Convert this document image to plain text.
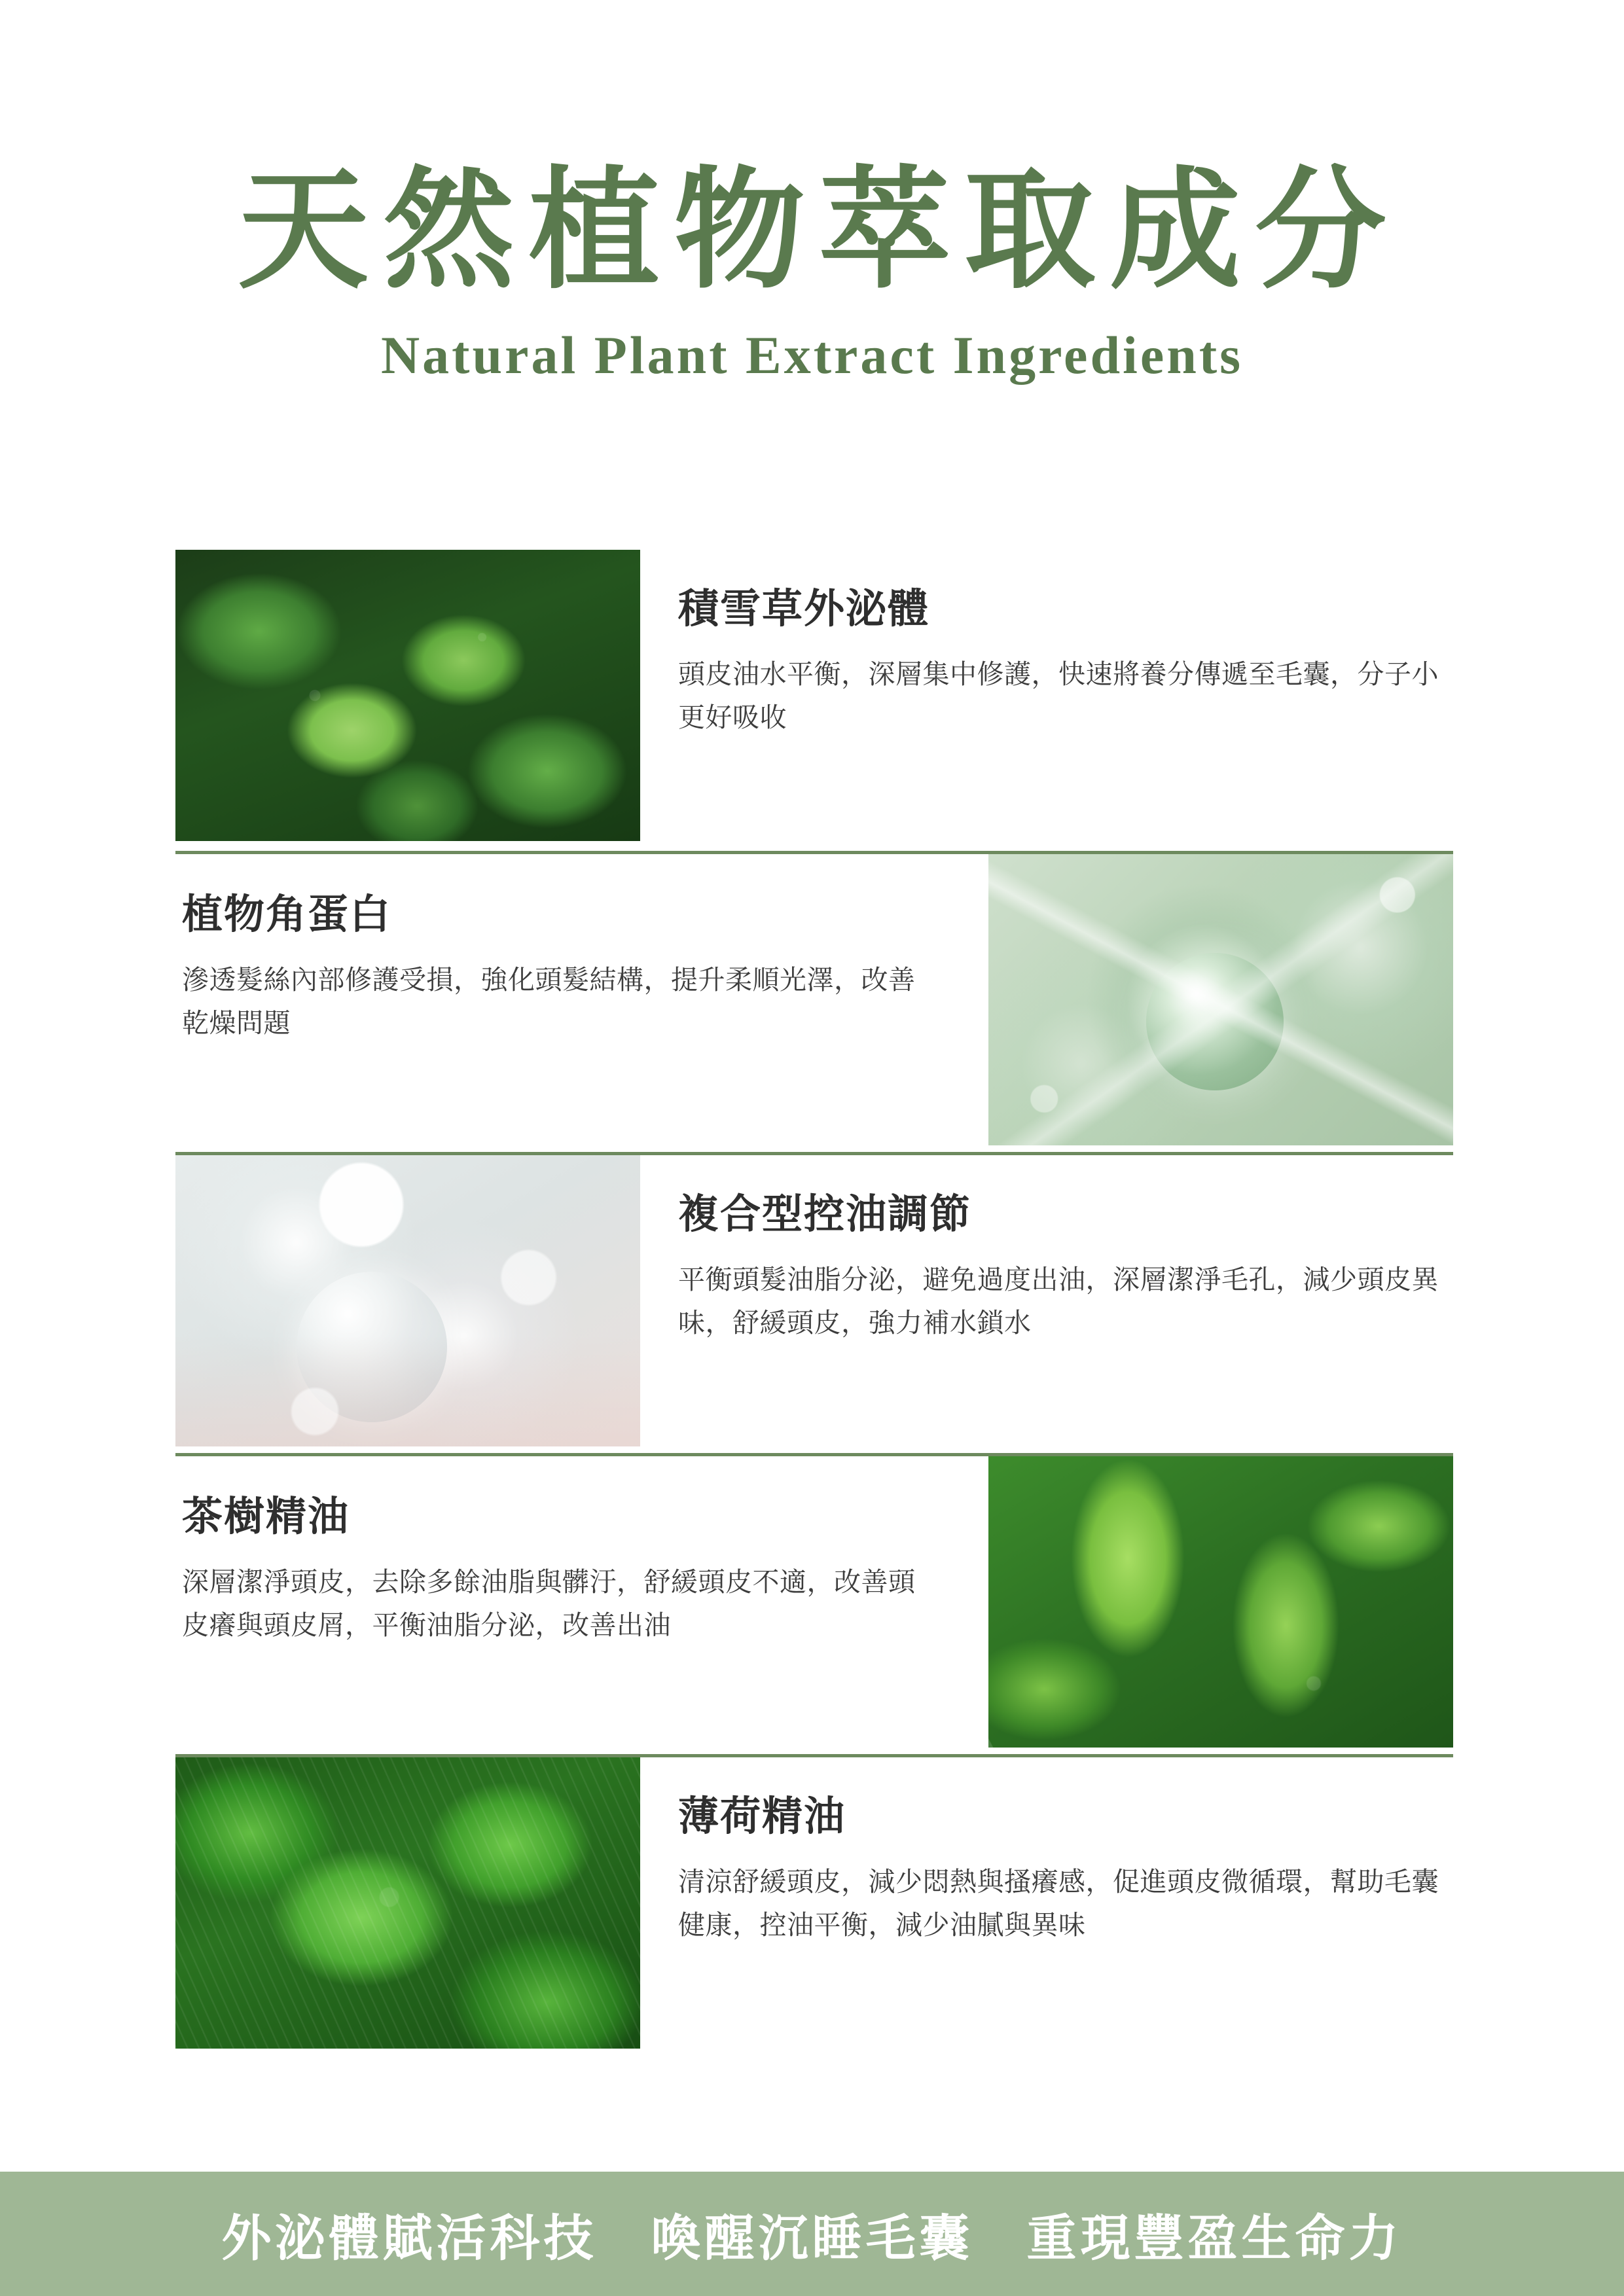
天然植物萃取成分
Natural Plant Extract Ingredients
積雪草外泌體
頭皮油水平衡，深層集中修護，快速將養分傳遞至毛囊，分子小更好吸收
植物角蛋白
滲透髮絲內部修護受損，強化頭髮結構，提升柔順光澤，改善乾燥問題
複合型控油調節
平衡頭髮油脂分泌，避免過度出油，深層潔淨毛孔，減少頭皮異味，舒緩頭皮，強力補水鎖水
茶樹精油
深層潔淨頭皮，去除多餘油脂與髒汙，舒緩頭皮不適，改善頭皮癢與頭皮屑，平衡油脂分泌，改善出油
薄荷精油
清涼舒緩頭皮，減少悶熱與搔癢感，促進頭皮微循環，幫助毛囊健康，控油平衡，減少油膩與異味
外泌體賦活科技　喚醒沉睡毛囊　重現豐盈生命力
